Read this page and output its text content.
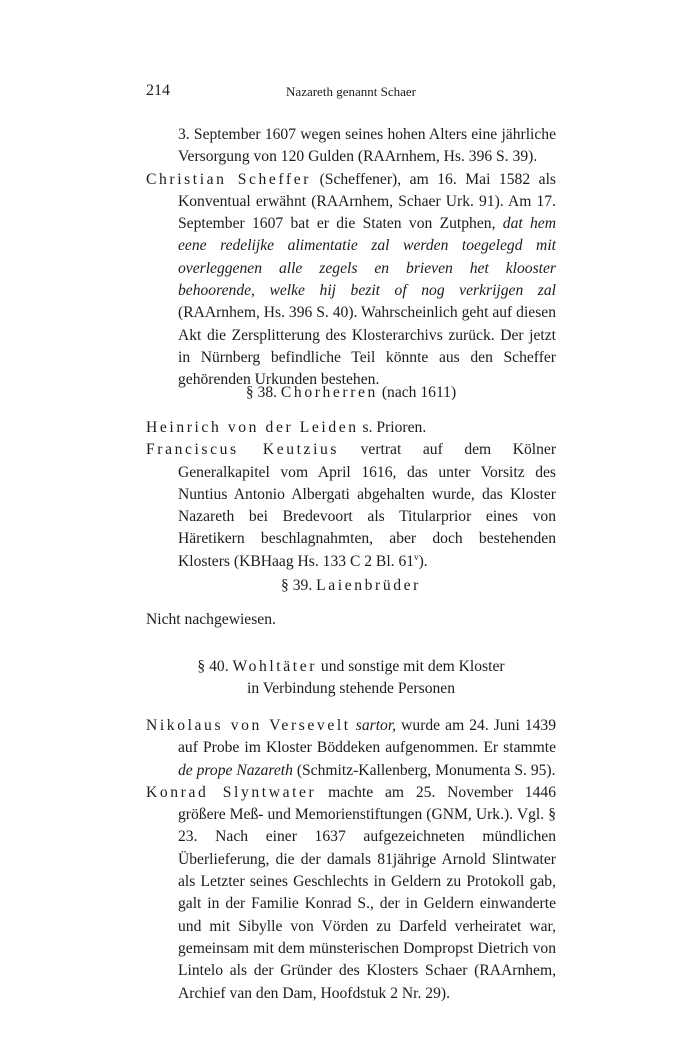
214	Nazareth genannt Schaer
3. September 1607 wegen seines hohen Alters eine jährliche Versorgung von 120 Gulden (RAArnhem, Hs. 396 S. 39).
Christian Scheffer (Scheffener), am 16. Mai 1582 als Konventual erwähnt (RAArnhem, Schaer Urk. 91). Am 17. September 1607 bat er die Staten von Zutphen, dat hem eene redelijke alimentatie zal werden toegelegd mit overleggenen alle zegels en brieven het klooster behoorende, welke hij bezit of nog verkrijgen zal (RAArnhem, Hs. 396 S. 40). Wahrscheinlich geht auf diesen Akt die Zersplitterung des Klosterarchivs zurück. Der jetzt in Nürnberg befindliche Teil könnte aus den Scheffer gehörenden Urkunden bestehen.
§ 38. Chorherren (nach 1611)
Heinrich von der Leiden s. Prioren.
Franciscus Keutzius vertrat auf dem Kölner Generalkapitel vom April 1616, das unter Vorsitz des Nuntius Antonio Albergati abgehalten wurde, das Kloster Nazareth bei Bredevoort als Titularprior eines von Häretikern beschlagnahmten, aber doch bestehenden Klosters (KBHaag Hs. 133 C 2 Bl. 61$^v$).
§ 39. Laienbrüder
Nicht nachgewiesen.
§ 40. Wohltäter und sonstige mit dem Kloster
in Verbindung stehende Personen
Nikolaus von Versevelt sartor, wurde am 24. Juni 1439 auf Probe im Kloster Böddeken aufgenommen. Er stammte de prope Nazareth (Schmitz-Kallenberg, Monumenta S. 95).
Konrad Slyntwater machte am 25. November 1446 größere Meß- und Memorienstiftungen (GNM, Urk.). Vgl. § 23. Nach einer 1637 aufgezeichneten mündlichen Überlieferung, die der damals 81jährige Arnold Slintwater als Letzter seines Geschlechts in Geldern zu Protokoll gab, galt in der Familie Konrad S., der in Geldern einwanderte und mit Sibylle von Vörden zu Darfeld verheiratet war, gemeinsam mit dem münsterischen Dompropst Dietrich von Lintelo als der Gründer des Klosters Schaer (RAArnhem, Archief van den Dam, Hoofdstuk 2 Nr. 29).
